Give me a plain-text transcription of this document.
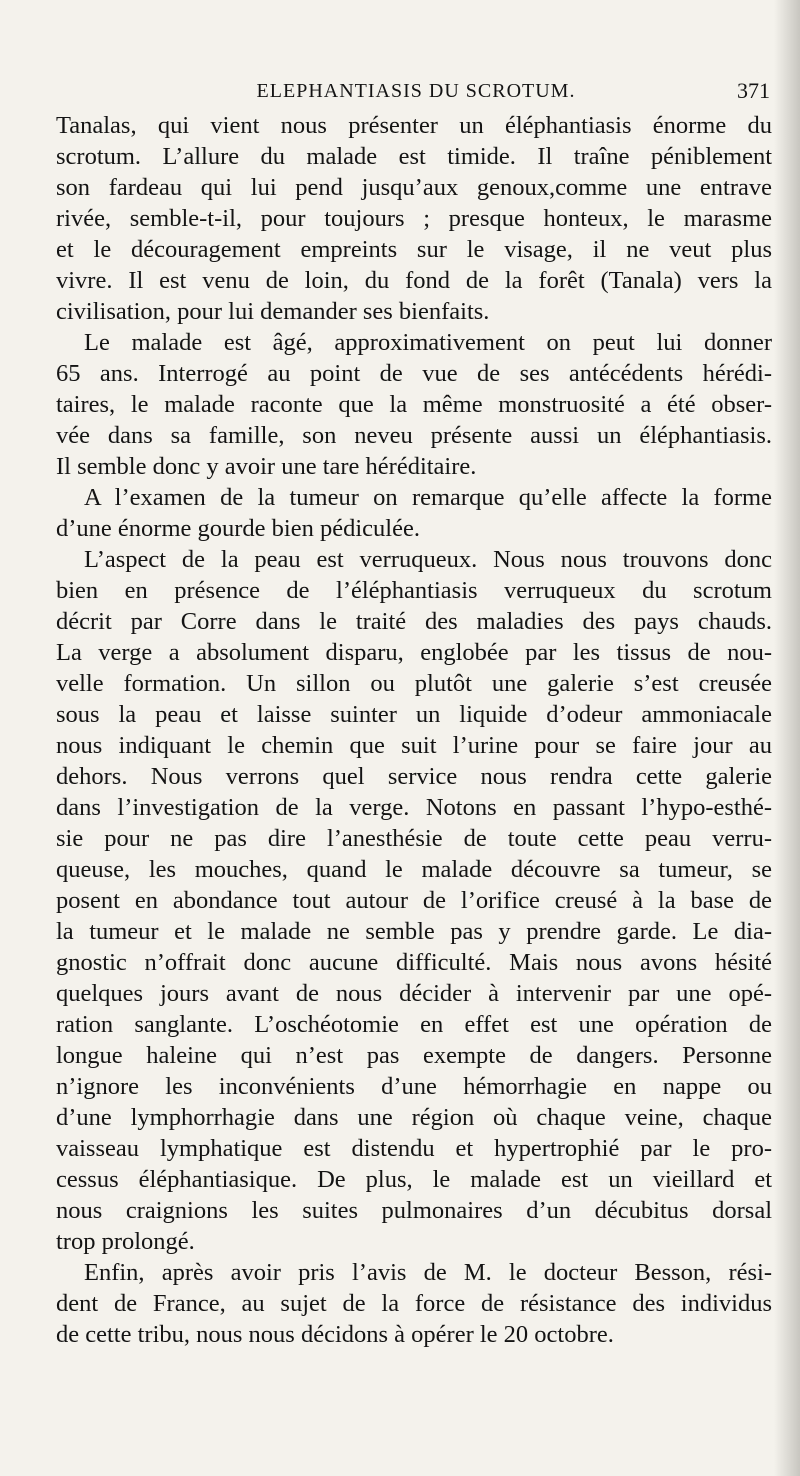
ELEPHANTIASIS DU SCROTUM.	371
Tanalas, qui vient nous présenter un éléphantiasis énorme du
scrotum. L’allure du malade est timide. Il traîne péniblement
son fardeau qui lui pend jusqu’aux genoux,comme une entrave
rivée, semble-t-il, pour toujours ; presque honteux, le marasme
et le découragement empreints sur le visage, il ne veut plus
vivre. Il est venu de loin, du fond de la forêt (Tanala) vers la
civilisation, pour lui demander ses bienfaits.
Le malade est âgé, approximativement on peut lui donner
65 ans. Interrogé au point de vue de ses antécédents hérédi-
taires, le malade raconte que la même monstruosité a été obser-
vée dans sa famille, son neveu présente aussi un éléphantiasis.
Il semble donc y avoir une tare héréditaire.
A l’examen de la tumeur on remarque qu’elle affecte la forme
d’une énorme gourde bien pédiculée.
L’aspect de la peau est verruqueux. Nous nous trouvons donc
bien en présence de l’éléphantiasis verruqueux du scrotum
décrit par Corre dans le traité des maladies des pays chauds.
La verge a absolument disparu, englobée par les tissus de nou-
velle formation. Un sillon ou plutôt une galerie s’est creusée
sous la peau et laisse suinter un liquide d’odeur ammoniacale
nous indiquant le chemin que suit l’urine pour se faire jour au
dehors. Nous verrons quel service nous rendra cette galerie
dans l’investigation de la verge. Notons en passant l’hypo-esthé-
sie pour ne pas dire l’anesthésie de toute cette peau verru-
queuse, les mouches, quand le malade découvre sa tumeur, se
posent en abondance tout autour de l’orifice creusé à la base de
la tumeur et le malade ne semble pas y prendre garde. Le dia-
gnostic n’offrait donc aucune difficulté. Mais nous avons hésité
quelques jours avant de nous décider à intervenir par une opé-
ration sanglante. L’oschéotomie en effet est une opération de
longue haleine qui n’est pas exempte de dangers. Personne
n’ignore les inconvénients d’une hémorrhagie en nappe ou
d’une lymphorrhagie dans une région où chaque veine, chaque
vaisseau lymphatique est distendu et hypertrophié par le pro-
cessus éléphantiasique. De plus, le malade est un vieillard et
nous craignions les suites pulmonaires d’un décubitus dorsal
trop prolongé.
Enfin, après avoir pris l’avis de M. le docteur Besson, rési-
dent de France, au sujet de la force de résistance des individus
de cette tribu, nous nous décidons à opérer le 20 octobre.
